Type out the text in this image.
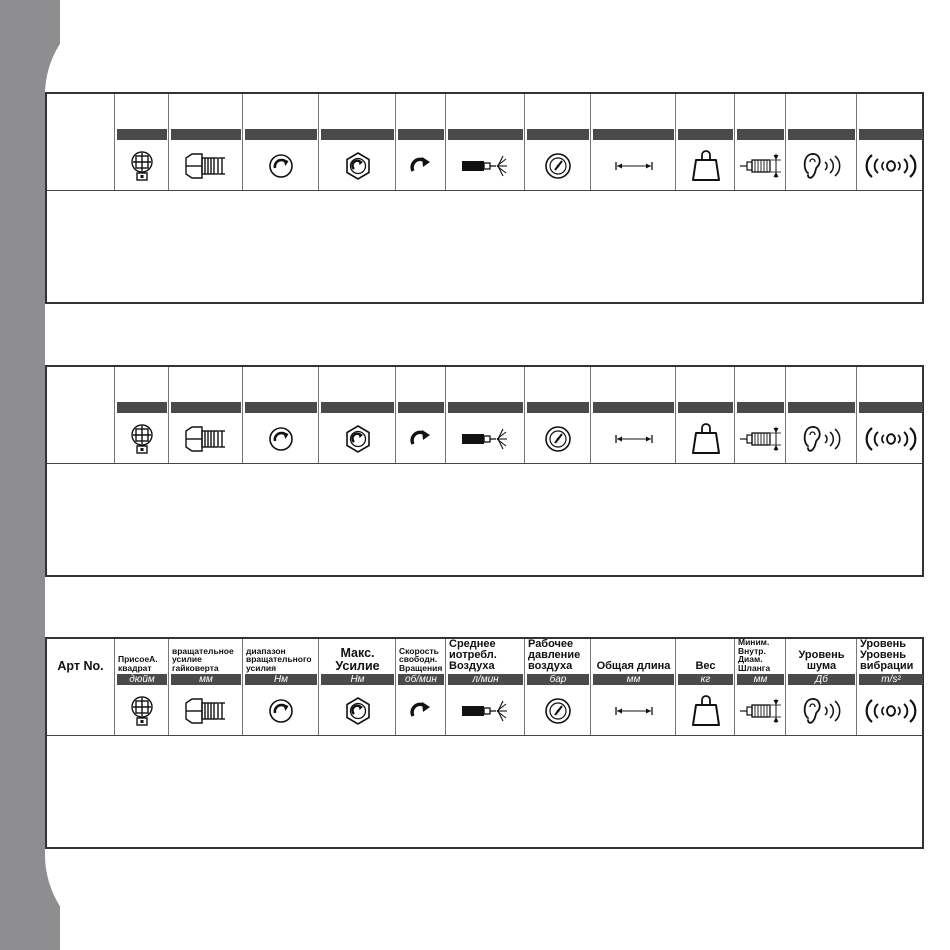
Арт No.	ПрисоеА. квадрат
дюйм
вращательное усилие гайковерта
мм
диапазон вращательного усилия
Нм
Макс. Усилие
Нм
Скорость свободн. Вращения
об/мин
Среднее иотребл. Воздуха
л/мин
Рабочее давление воздуха
бар
Общая длина
мм
Вес
кг
Миним. Внутр. Диам. Шланга
мм
Уровень шума
Дб
Уровень Уровень вибрации
m/s²
